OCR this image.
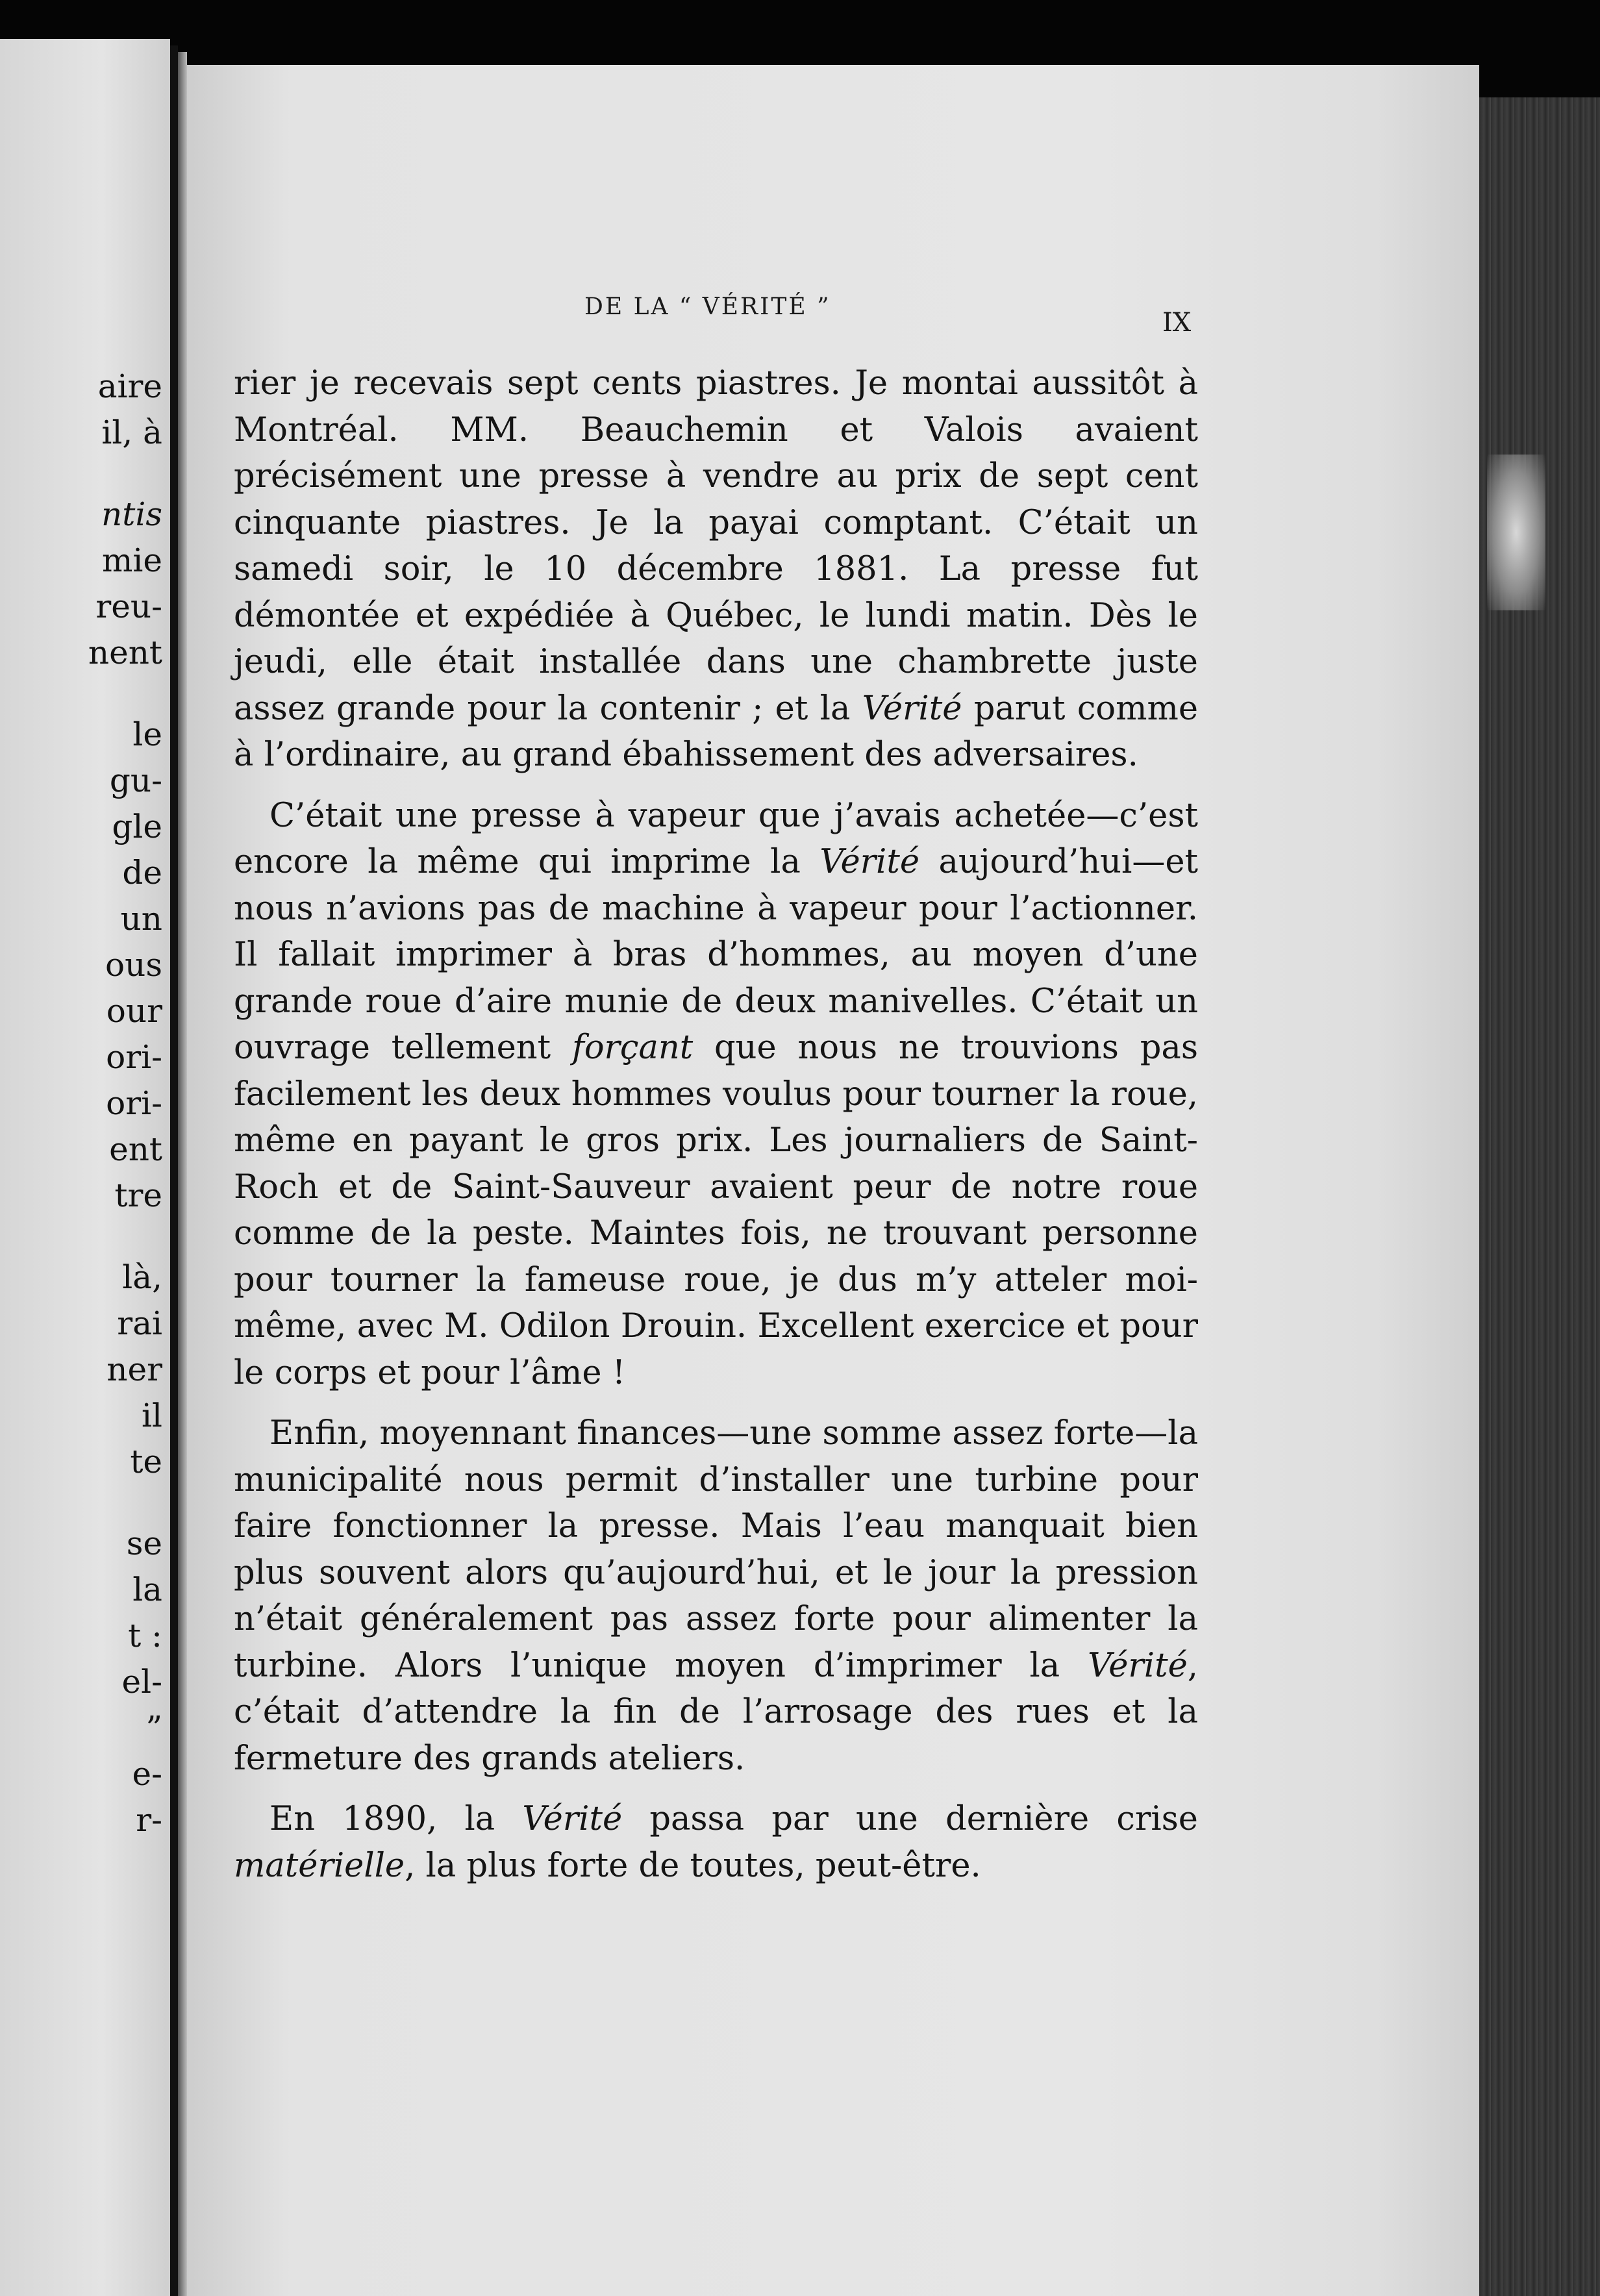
aire
il, à
ntis
mie
reu-
nent
le
gu-
gle
de
un
ous
our
ori-
ori-
ent
tre
là,
rai
ner
il
te
se
la
t :
el-
”
e-
r-
DE LA “ VÉRITÉ ”
IX

rier je recevais sept cents piastres. Je montai aussitôt à Montréal. MM. Beauchemin et Valois avaient précisément une presse à vendre au prix de sept cent cinquante piastres. Je la payai comptant. C’était un samedi soir, le 10 décembre 1881. La presse fut démontée et expédiée à Québec, le lundi matin. Dès le jeudi, elle était installée dans une chambrette juste assez grande pour la contenir ; et la Vérité parut comme à l’ordinaire, au grand ébahissement des adversaires.

C’était une presse à vapeur que j’avais achetée—c’est encore la même qui imprime la Vérité aujourd’hui—et nous n’avions pas de machine à vapeur pour l’actionner. Il fallait imprimer à bras d’hommes, au moyen d’une grande roue d’aire munie de deux manivelles. C’était un ouvrage tellement forçant que nous ne trouvions pas facilement les deux hommes voulus pour tourner la roue, même en payant le gros prix. Les journaliers de Saint-Roch et de Saint-Sauveur avaient peur de notre roue comme de la peste. Maintes fois, ne trouvant personne pour tourner la fameuse roue, je dus m’y atteler moi-même, avec M. Odilon Drouin. Excellent exercice et pour le corps et pour l’âme !

Enfin, moyennant finances—une somme assez forte—la municipalité nous permit d’installer une turbine pour faire fonctionner la presse. Mais l’eau manquait bien plus souvent alors qu’aujourd’hui, et le jour la pression n’était généralement pas assez forte pour alimenter la turbine. Alors l’unique moyen d’imprimer la Vérité, c’était d’attendre la fin de l’arrosage des rues et la fermeture des grands ateliers.

En 1890, la Vérité passa par une dernière crise matérielle, la plus forte de toutes, peut-être.
